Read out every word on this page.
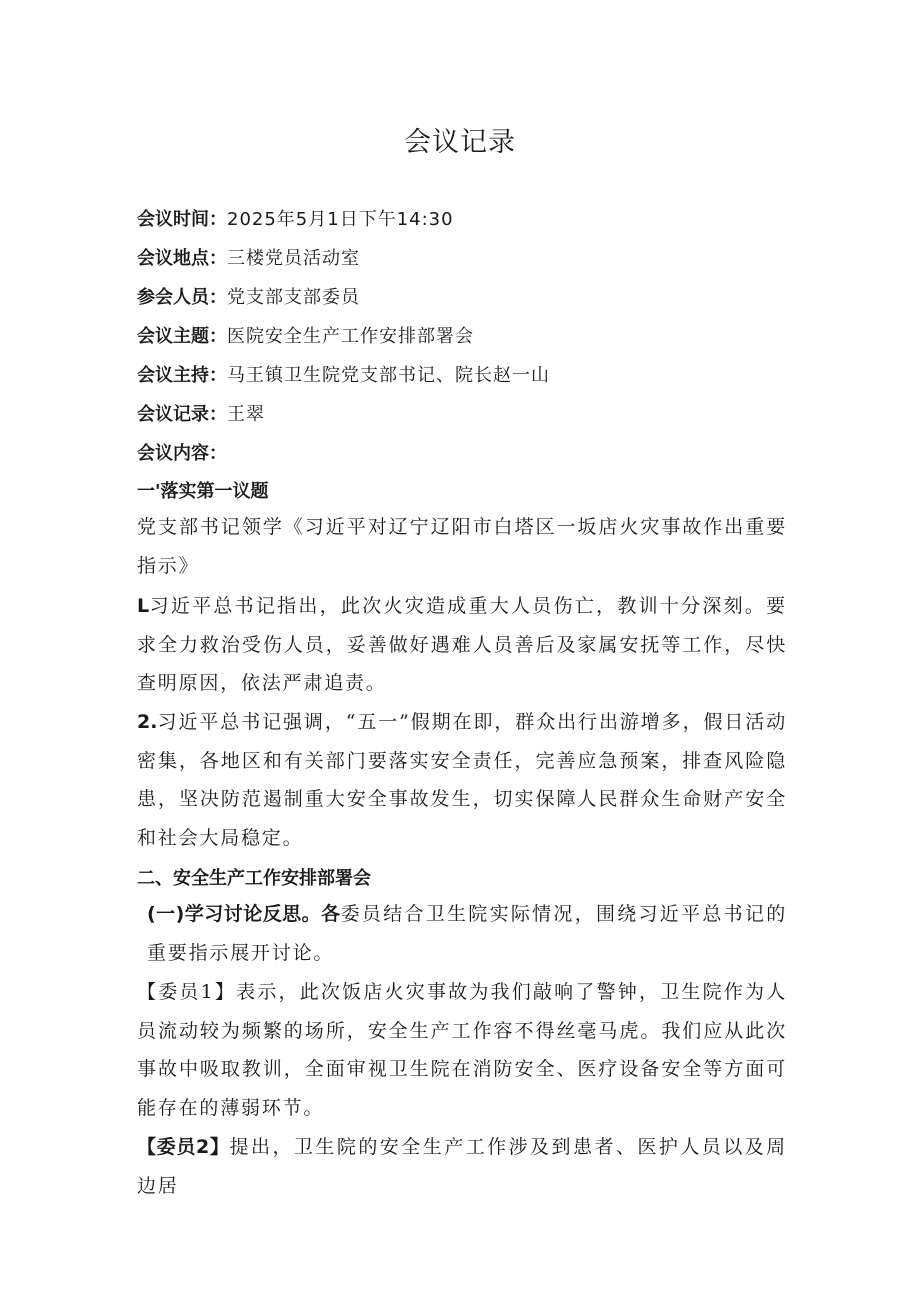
会议记录
会议时间：2025年5月1日下午14:30
会议地点：三楼党员活动室
参会人员：党支部支部委员
会议主题：医院安全生产工作安排部署会
会议主持：马王镇卫生院党支部书记、院长赵一山
会议记录：王翠
会议内容：
一'落实第一议题

党支部书记领学《习近平对辽宁辽阳市白塔区一坂店火灾事故作出重要指示》

L习近平总书记指出，此次火灾造成重大人员伤亡，教训十分深刻。要求全力救治受伤人员，妥善做好遇难人员善后及家属安抚等工作，尽快查明原因，依法严肃追责。

2.习近平总书记强调，“五一”假期在即，群众出行出游增多，假日活动密集，各地区和有关部门要落实安全责任，完善应急预案，排查风险隐患，坚决防范遏制重大安全事故发生，切实保障人民群众生命财产安全和社会大局稳定。

二、安全生产工作安排部署会

(一)学习讨论反思。各委员结合卫生院实际情况，围绕习近平总书记的重要指示展开讨论。

【委员1】表示，此次饭店火灾事故为我们敲响了警钟，卫生院作为人员流动较为频繁的场所，安全生产工作容不得丝毫马虎。我们应从此次事故中吸取教训，全面审视卫生院在消防安全、医疗设备安全等方面可能存在的薄弱环节。

【委员2】提出，卫生院的安全生产工作涉及到患者、医护人员以及周边居
